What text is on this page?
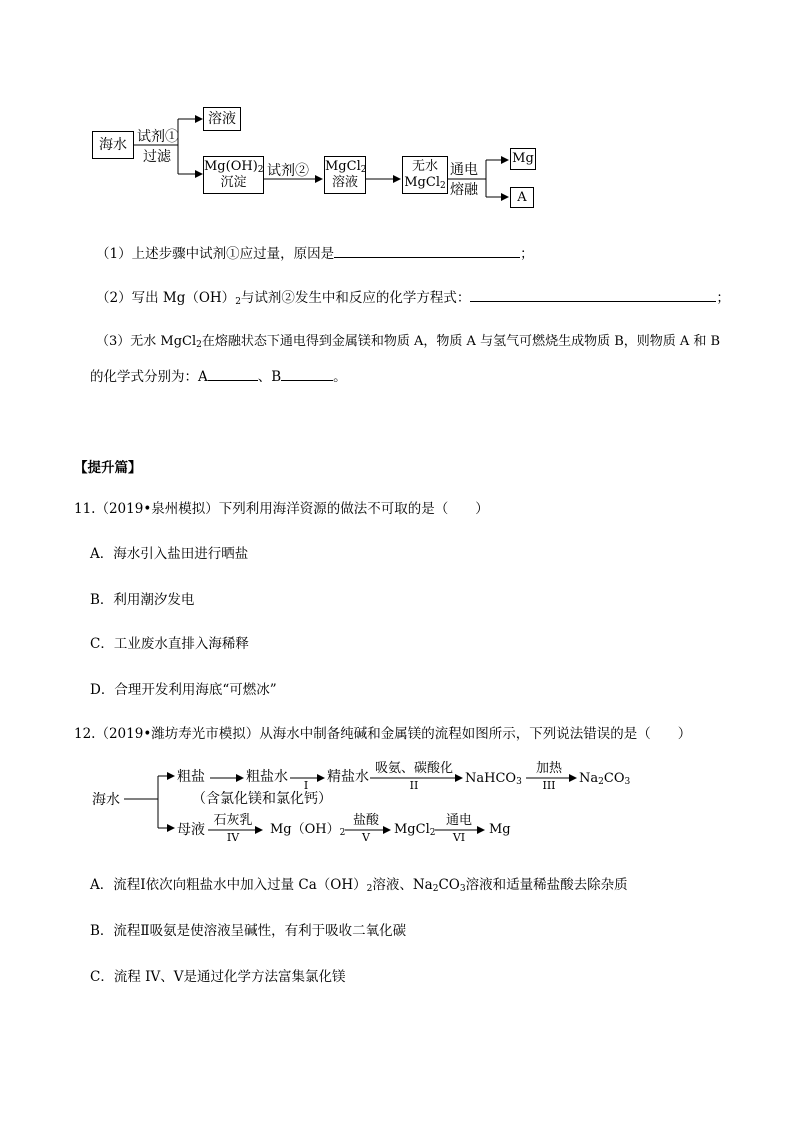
海水 试剂①
过滤
溶液
$Mg(OH)_2$
沉淀
试剂② MgCl$_2$
溶液
无水
MgCl$_2$
通电
熔融
Mg
A
（1）上述步骤中试剂①应过量，原因是	；
（2）写出 $Mg(OH)_2$与试剂②发生中和反应的化学方程式：	；
（3）无水 MgCl$_2$在熔融状态下通电得到金属镁和物质 A，物质 A 与氢气可燃烧生成物质 B，则物质 A 和 B
的化学式分别为：A	、B	。
【提升篇】
11.（2019•泉州模拟）下列利用海洋资源的做法不可取的是（　　）
A．海水引入盐田进行晒盐
B．利用潮汐发电
C．工业废水直排入海稀释
D．合理开发利用海底“可燃冰”
12.（2019•潍坊寿光市模拟）从海水中制备纯碱和金属镁的流程如图所示，下列说法错误的是（　　）
海水
粗盐	粗盐水
I
（含氯化镁和氯化钙）
精盐水
吸氨、碳酸化
II	NaHCO$_3$
加热
III	$Na_2CO_3$
母液
石灰乳
IV
$Mg(OH)_2$
盐酸
V
MgCl$_2$
通电
VI
Mg
A．流程Ⅰ依次向粗盐水中加入过量 $Ca(OH)_2$溶液、$Na_2CO_3$溶液和适量稀盐酸去除杂质
B．流程Ⅱ吸氨是使溶液呈碱性，有利于吸收二氧化碳
C．流程 IV、V是通过化学方法富集氯化镁
